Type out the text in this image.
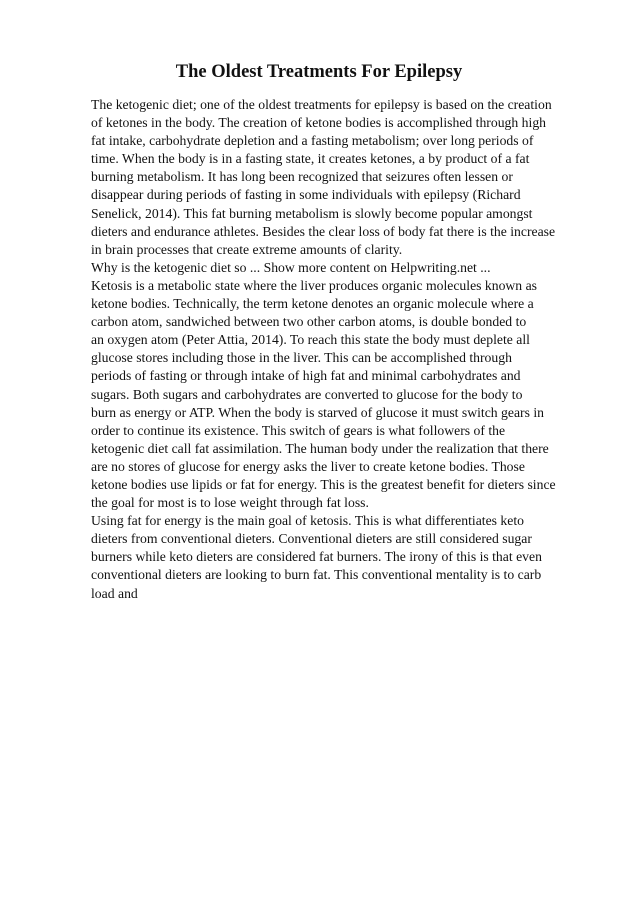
The Oldest Treatments For Epilepsy
The ketogenic diet; one of the oldest treatments for epilepsy is based on the creation
of ketones in the body. The creation of ketone bodies is accomplished through high
fat intake, carbohydrate depletion and a fasting metabolism; over long periods of
time. When the body is in a fasting state, it creates ketones, a by product of a fat
burning metabolism. It has long been recognized that seizures often lessen or
disappear during periods of fasting in some individuals with epilepsy (Richard
Senelick, 2014). This fat burning metabolism is slowly become popular amongst
dieters and endurance athletes. Besides the clear loss of body fat there is the increase
in brain processes that create extreme amounts of clarity.
Why is the ketogenic diet so ... Show more content on Helpwriting.net ...
Ketosis is a metabolic state where the liver produces organic molecules known as
ketone bodies. Technically, the term ketone denotes an organic molecule where a
carbon atom, sandwiched between two other carbon atoms, is double bonded to
an oxygen atom (Peter Attia, 2014). To reach this state the body must deplete all
glucose stores including those in the liver. This can be accomplished through
periods of fasting or through intake of high fat and minimal carbohydrates and
sugars. Both sugars and carbohydrates are converted to glucose for the body to
burn as energy or ATP. When the body is starved of glucose it must switch gears in
order to continue its existence. This switch of gears is what followers of the
ketogenic diet call fat assimilation. The human body under the realization that there
are no stores of glucose for energy asks the liver to create ketone bodies. Those
ketone bodies use lipids or fat for energy. This is the greatest benefit for dieters since
the goal for most is to lose weight through fat loss.
Using fat for energy is the main goal of ketosis. This is what differentiates keto
dieters from conventional dieters. Conventional dieters are still considered sugar
burners while keto dieters are considered fat burners. The irony of this is that even
conventional dieters are looking to burn fat. This conventional mentality is to carb
load and
